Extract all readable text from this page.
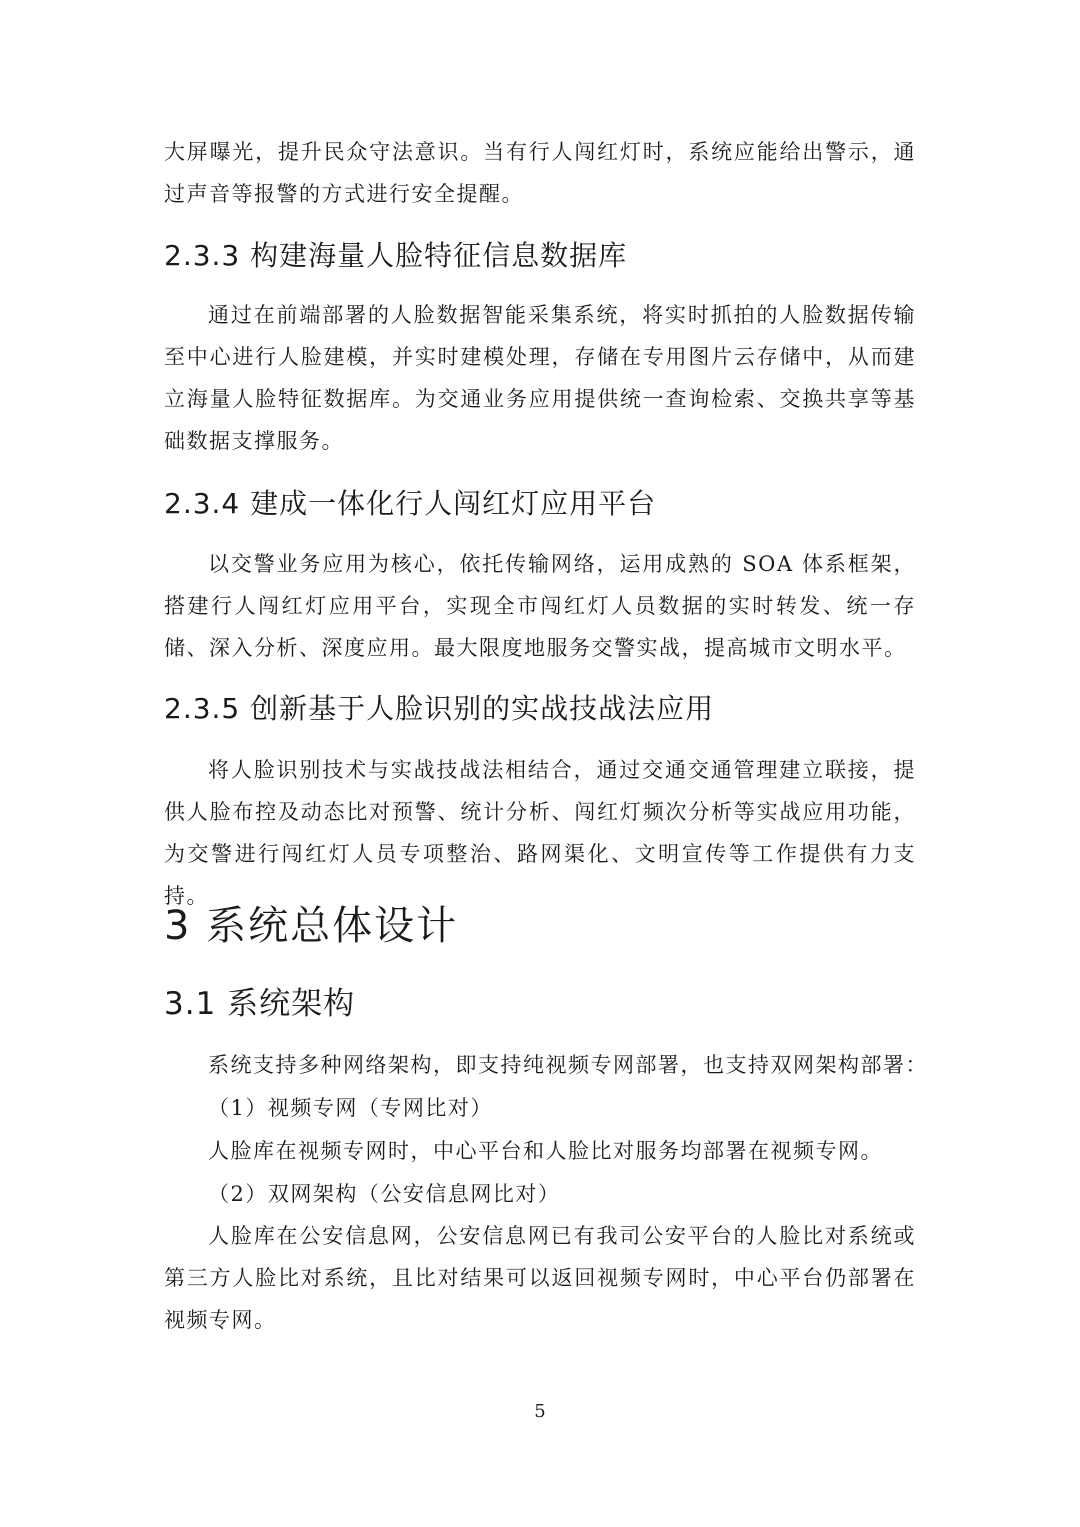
大屏曝光，提升民众守法意识。当有行人闯红灯时，系统应能给出警示，通过声音等报警的方式进行安全提醒。

2.3.3 构建海量人脸特征信息数据库

通过在前端部署的人脸数据智能采集系统，将实时抓拍的人脸数据传输至中心进行人脸建模，并实时建模处理，存储在专用图片云存储中，从而建立海量人脸特征数据库。为交通业务应用提供统一查询检索、交换共享等基础数据支撑服务。

2.3.4 建成一体化行人闯红灯应用平台

以交警业务应用为核心，依托传输网络，运用成熟的 SOA 体系框架，搭建行人闯红灯应用平台，实现全市闯红灯人员数据的实时转发、统一存储、深入分析、深度应用。最大限度地服务交警实战，提高城市文明水平。

2.3.5 创新基于人脸识别的实战技战法应用

将人脸识别技术与实战技战法相结合，通过交通交通管理建立联接，提供人脸布控及动态比对预警、统计分析、闯红灯频次分析等实战应用功能，为交警进行闯红灯人员专项整治、路网渠化、文明宣传等工作提供有力支持。

3 系统总体设计
3.1 系统架构

系统支持多种网络架构，即支持纯视频专网部署，也支持双网架构部署：

（1）视频专网（专网比对）

人脸库在视频专网时，中心平台和人脸比对服务均部署在视频专网。

（2）双网架构（公安信息网比对）

人脸库在公安信息网，公安信息网已有我司公安平台的人脸比对系统或第三方人脸比对系统，且比对结果可以返回视频专网时，中心平台仍部署在视频专网。

5
